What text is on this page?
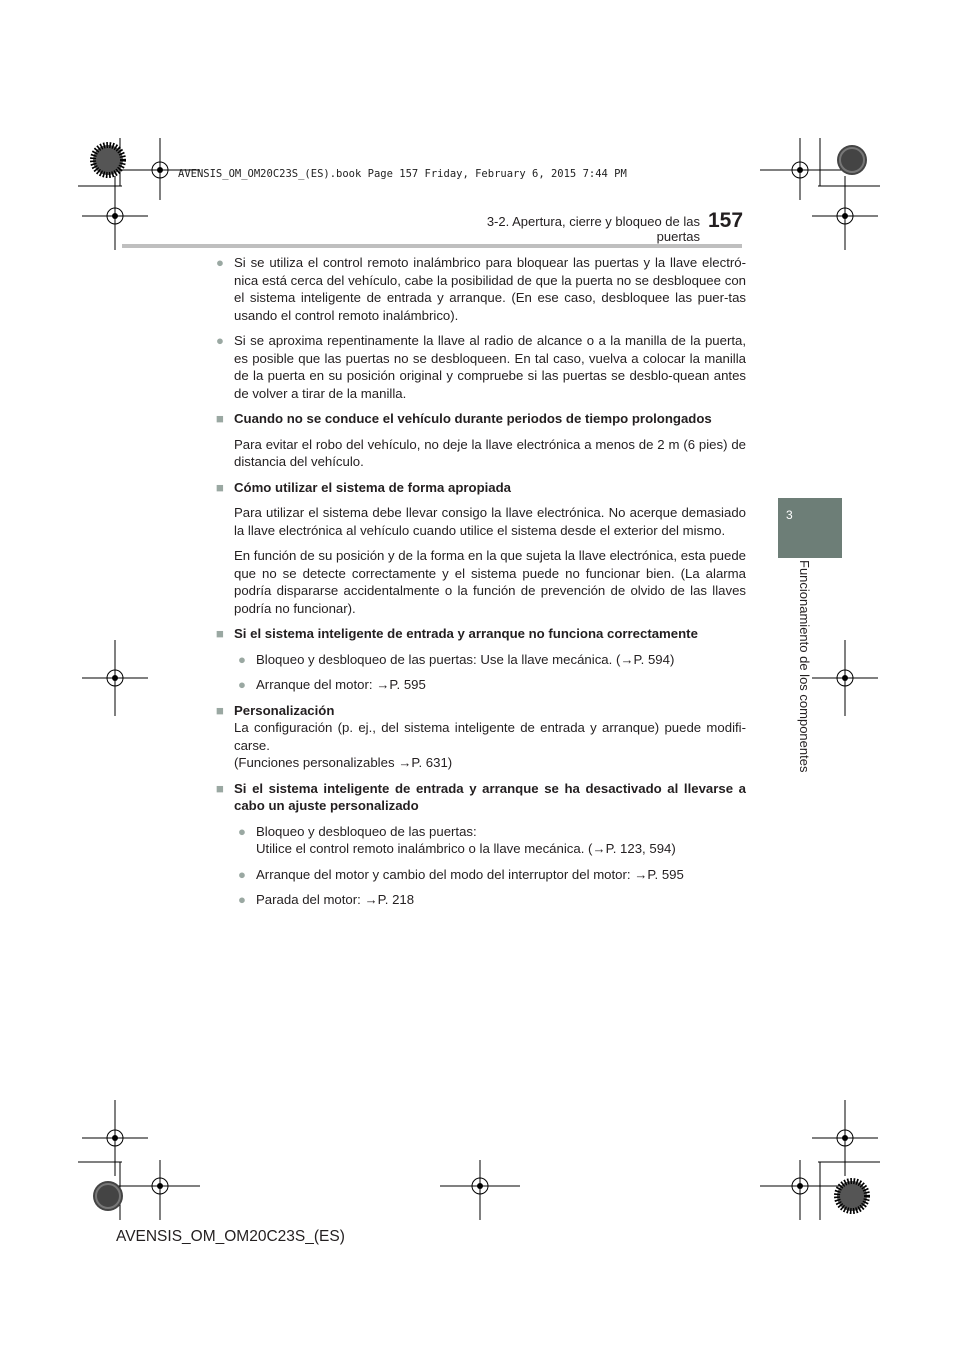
AVENSIS_OM_OM20C23S_(ES).book Page 157 Friday, February 6, 2015 7:44 PM
3-2. Apertura, cierre y bloqueo de las puertas
157
3
Funcionamiento de los componentes
● Si se utiliza el control remoto inalámbrico para bloquear las puertas y la llave electró-nica está cerca del vehículo, cabe la posibilidad de que la puerta no se desbloquee con el sistema inteligente de entrada y arranque. (En ese caso, desbloquee las puer-tas usando el control remoto inalámbrico).
● Si se aproxima repentinamente la llave al radio de alcance o a la manilla de la puerta, es posible que las puertas no se desbloqueen. En tal caso, vuelva a colocar la manilla de la puerta en su posición original y compruebe si las puertas se desblo-quean antes de volver a tirar de la manilla.
■ Cuando no se conduce el vehículo durante periodos de tiempo prolongados
Para evitar el robo del vehículo, no deje la llave electrónica a menos de 2 m (6 pies) de distancia del vehículo.
■ Cómo utilizar el sistema de forma apropiada
Para utilizar el sistema debe llevar consigo la llave electrónica. No acerque demasiado la llave electrónica al vehículo cuando utilice el sistema desde el exterior del mismo.
En función de su posición y de la forma en la que sujeta la llave electrónica, esta puede que no se detecte correctamente y el sistema puede no funcionar bien. (La alarma podría dispararse accidentalmente o la función de prevención de olvido de las llaves podría no funcionar).
■ Si el sistema inteligente de entrada y arranque no funciona correctamente
● Bloqueo y desbloqueo de las puertas: Use la llave mecánica. (→P. 594)
● Arranque del motor: →P. 595
■ Personalización
La configuración (p. ej., del sistema inteligente de entrada y arranque) puede modifi-carse.
(Funciones personalizables →P. 631)
■ Si el sistema inteligente de entrada y arranque se ha desactivado al llevarse a cabo un ajuste personalizado
● Bloqueo y desbloqueo de las puertas:
Utilice el control remoto inalámbrico o la llave mecánica. (→P. 123, 594)
● Arranque del motor y cambio del modo del interruptor del motor: →P. 595
● Parada del motor: →P. 218
AVENSIS_OM_OM20C23S_(ES)
